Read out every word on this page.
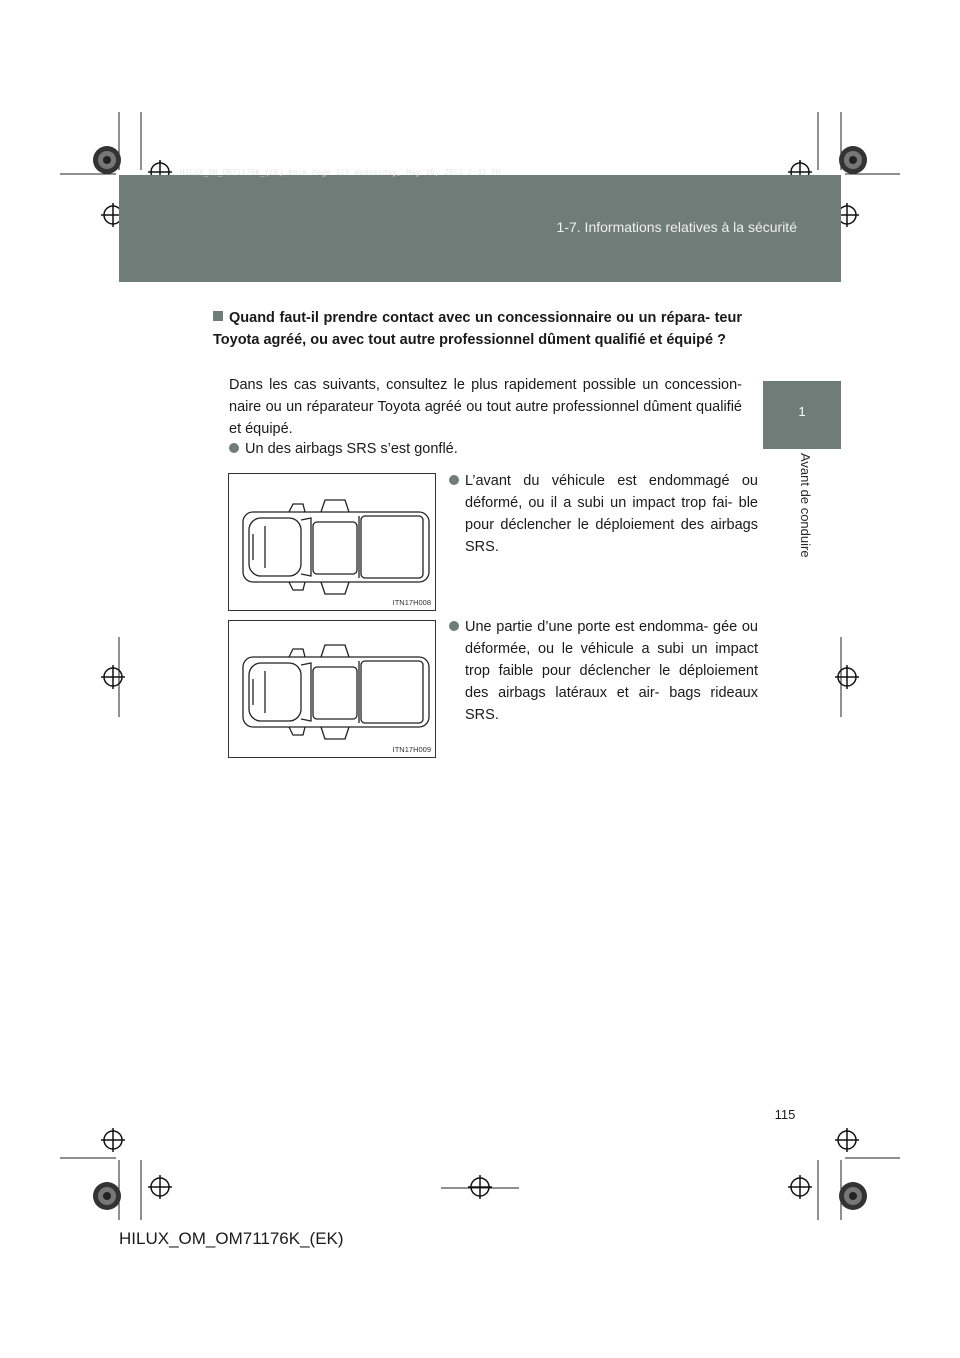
HILUX_OM_OM71176K_(EK).book Page 115 Wednesday, May 16, 2012 2:32 PM
1-7. Informations relatives à la sécurité
1
Avant de conduire
Quand faut-il prendre contact avec un concessionnaire ou un répara- teur Toyota agréé, ou avec tout autre professionnel dûment qualifié et équipé ?
Dans les cas suivants, consultez le plus rapidement possible un concession- naire ou un réparateur Toyota agréé ou tout autre professionnel dûment qualifié et équipé.
Un des airbags SRS s’est gonflé.
L’avant du véhicule est endommagé ou déformé, ou il a subi un impact trop fai- ble pour déclencher le déploiement des airbags SRS.
Une partie d’une porte est endomma- gée ou déformée, ou le véhicule a subi un impact trop faible pour déclencher le déploiement des airbags latéraux et air- bags rideaux SRS.
ITN17H008
ITN17H009
115
HILUX_OM_OM71176K_(EK)
